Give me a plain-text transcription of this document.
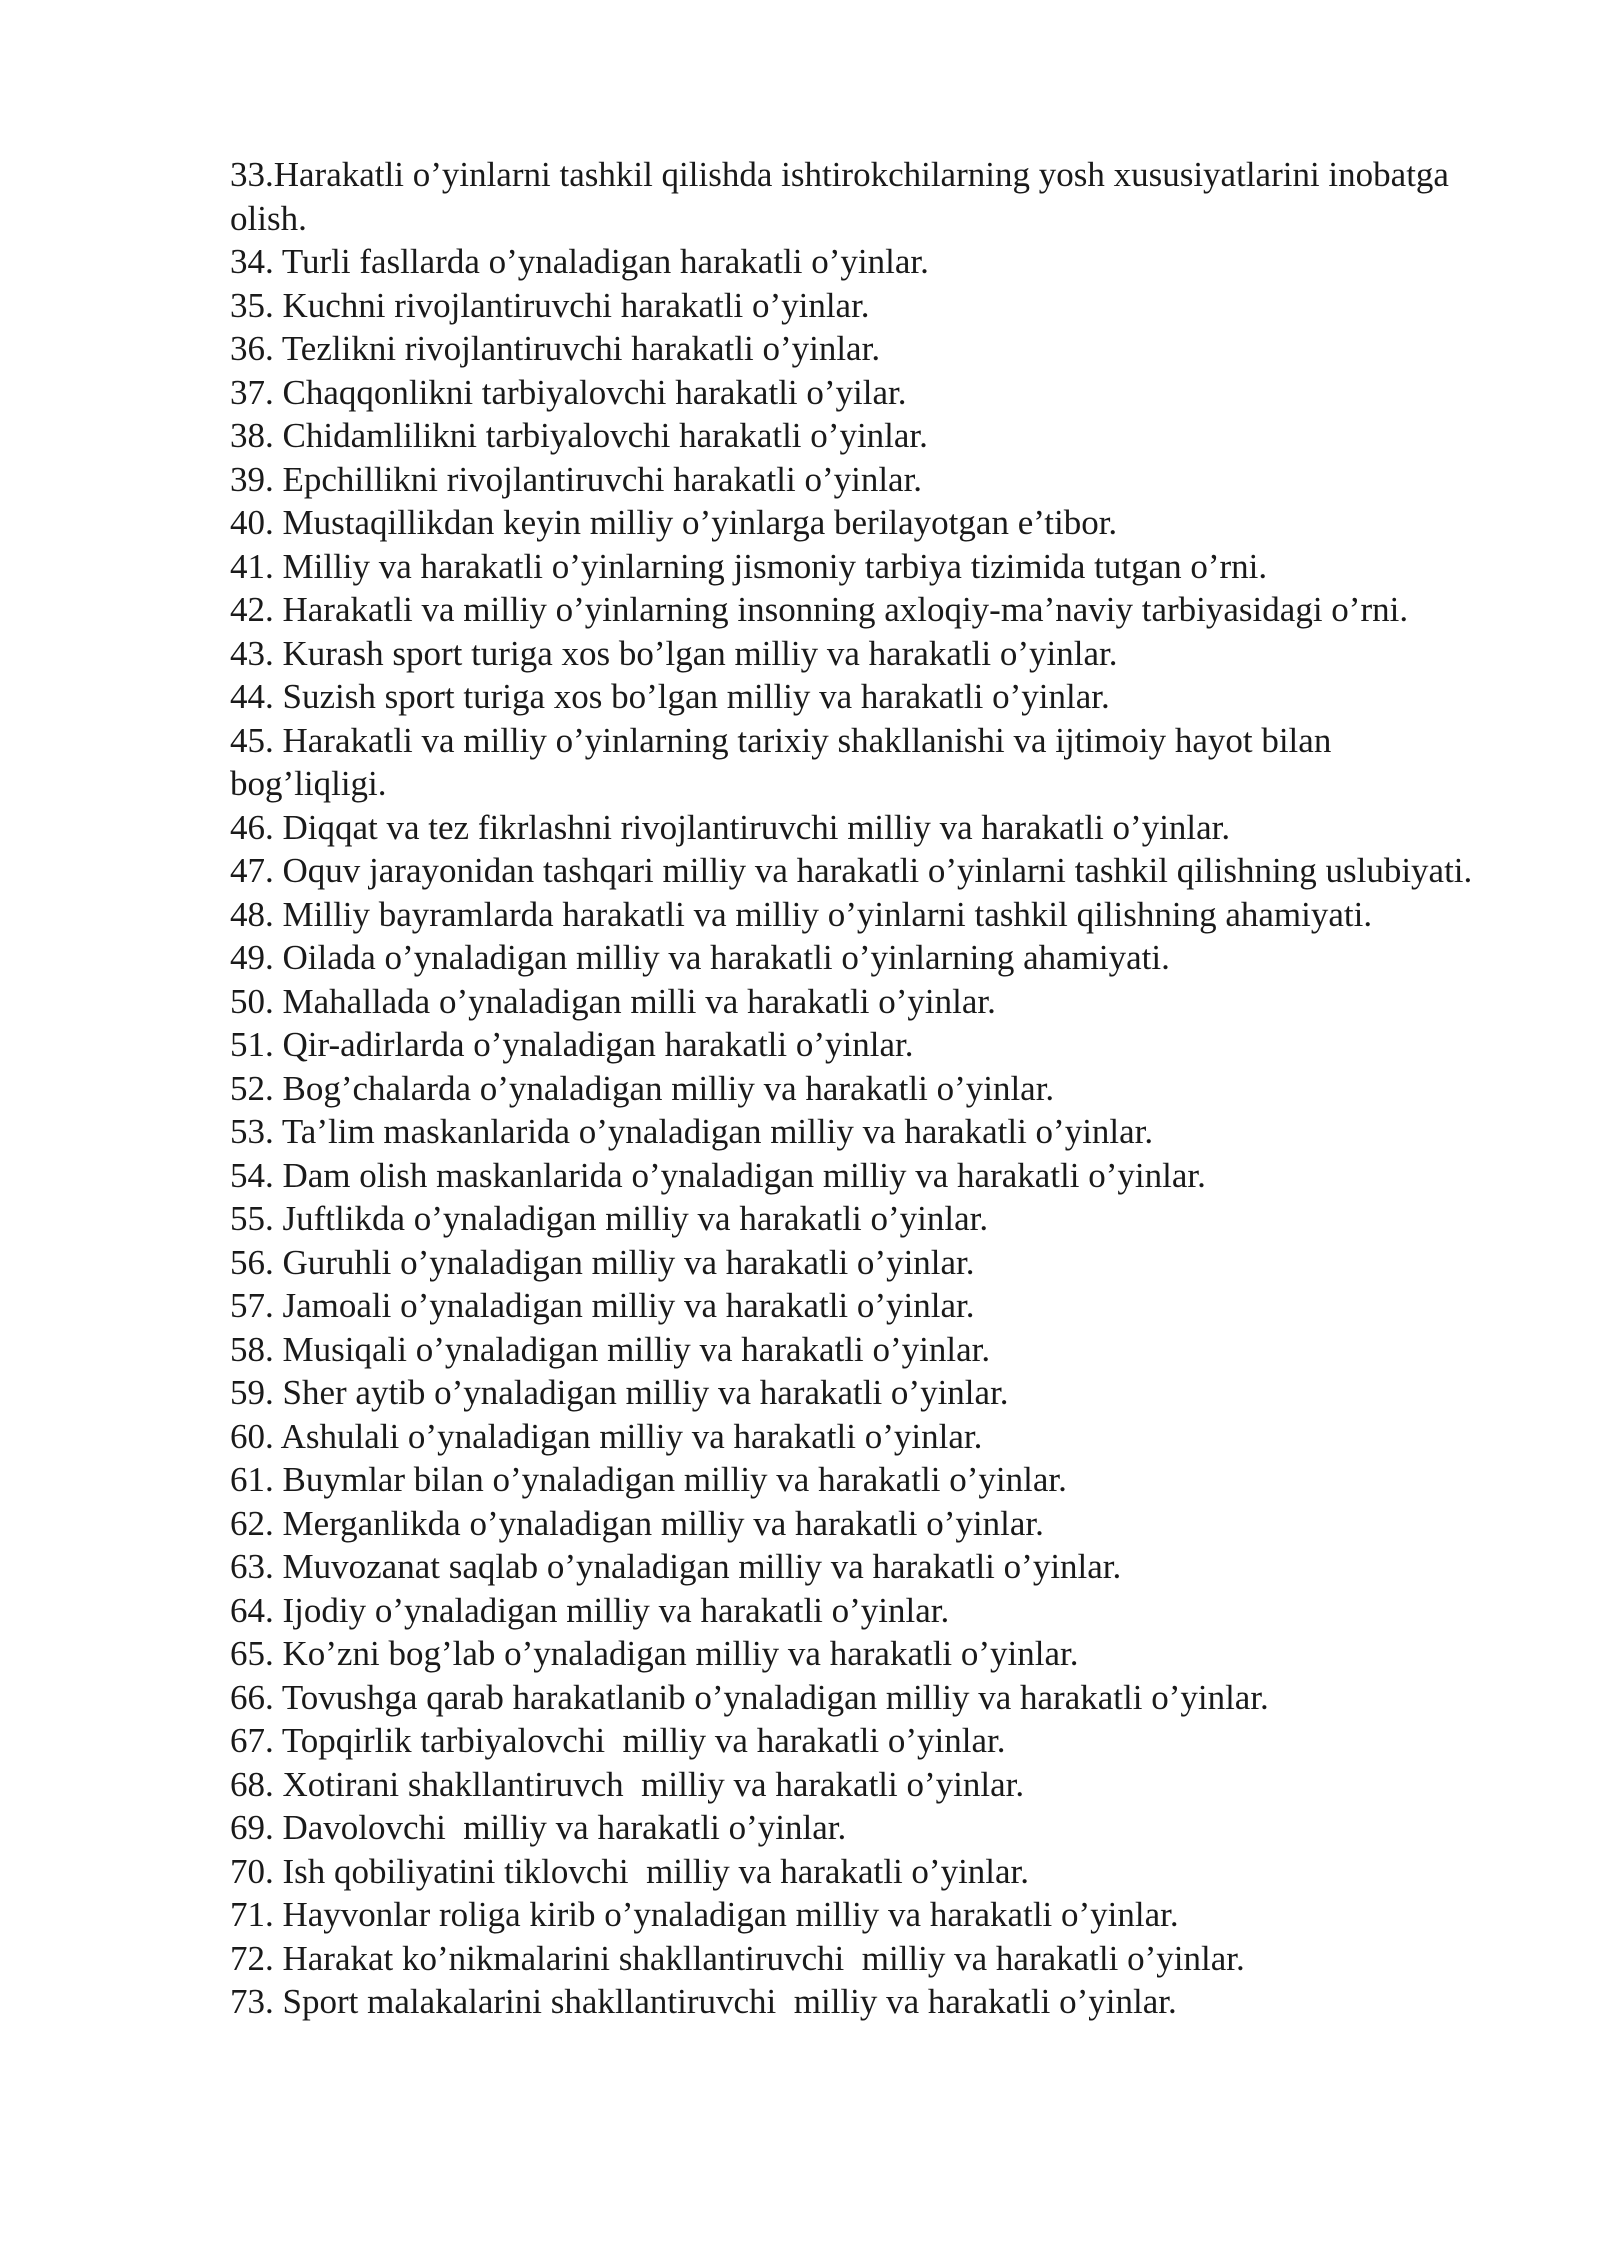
33.Harakatli o’yinlarni tashkil qilishda ishtirokchilarning yosh xususiyatlarini inobatga olish.

34. Turli fasllarda o’ynaladigan harakatli o’yinlar.

35. Kuchni rivojlantiruvchi harakatli o’yinlar.

36. Tezlikni rivojlantiruvchi harakatli o’yinlar.

37. Chaqqonlikni tarbiyalovchi harakatli o’yilar.

38. Chidamlilikni tarbiyalovchi harakatli o’yinlar.

39. Epchillikni rivojlantiruvchi harakatli o’yinlar.

40. Mustaqillikdan keyin milliy o’yinlarga berilayotgan e’tibor.

41. Milliy va harakatli o’yinlarning jismoniy tarbiya tizimida tutgan o’rni.

42. Harakatli va milliy o’yinlarning insonning axloqiy-ma’naviy tarbiyasidagi o’rni.

43. Kurash sport turiga xos bo’lgan milliy va harakatli o’yinlar.

44. Suzish sport turiga xos bo’lgan milliy va harakatli o’yinlar.

45. Harakatli va milliy o’yinlarning tarixiy shakllanishi va ijtimoiy hayot bilan bog’liqligi.

46. Diqqat va tez fikrlashni rivojlantiruvchi milliy va harakatli o’yinlar.

47. Oquv jarayonidan tashqari milliy va harakatli o’yinlarni tashkil qilishning uslubiyati.

48. Milliy bayramlarda harakatli va milliy o’yinlarni tashkil qilishning ahamiyati.

49. Oilada o’ynaladigan milliy va harakatli o’yinlarning ahamiyati.

50. Mahallada o’ynaladigan milli va harakatli o’yinlar.

51. Qir-adirlarda o’ynaladigan harakatli o’yinlar.

52. Bog’chalarda o’ynaladigan milliy va harakatli o’yinlar.

53. Ta’lim maskanlarida o’ynaladigan milliy va harakatli o’yinlar.

54. Dam olish maskanlarida o’ynaladigan milliy va harakatli o’yinlar.

55. Juftlikda o’ynaladigan milliy va harakatli o’yinlar.

56. Guruhli o’ynaladigan milliy va harakatli o’yinlar.

57. Jamoali o’ynaladigan milliy va harakatli o’yinlar.

58. Musiqali o’ynaladigan milliy va harakatli o’yinlar.

59. Sher aytib o’ynaladigan milliy va harakatli o’yinlar.

60. Ashulali o’ynaladigan milliy va harakatli o’yinlar.

61. Buymlar bilan o’ynaladigan milliy va harakatli o’yinlar.

62. Merganlikda o’ynaladigan milliy va harakatli o’yinlar.

63. Muvozanat saqlab o’ynaladigan milliy va harakatli o’yinlar.

64. Ijodiy o’ynaladigan milliy va harakatli o’yinlar.

65. Ko’zni bog’lab o’ynaladigan milliy va harakatli o’yinlar.

66. Tovushga qarab harakatlanib o’ynaladigan milliy va harakatli o’yinlar.

67. Topqirlik tarbiyalovchi  milliy va harakatli o’yinlar.

68. Xotirani shakllantiruvch  milliy va harakatli o’yinlar.

69. Davolovchi  milliy va harakatli o’yinlar.

70. Ish qobiliyatini tiklovchi  milliy va harakatli o’yinlar.

71. Hayvonlar roliga kirib o’ynaladigan milliy va harakatli o’yinlar.

72. Harakat ko’nikmalarini shakllantiruvchi  milliy va harakatli o’yinlar.

73. Sport malakalarini shakllantiruvchi  milliy va harakatli o’yinlar.
